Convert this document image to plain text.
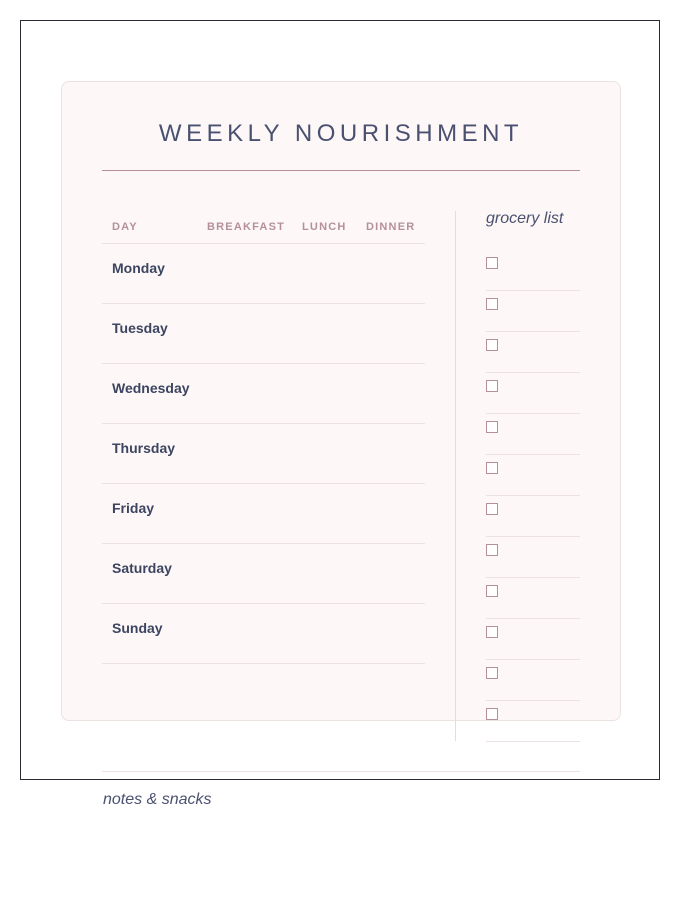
WEEKLY NOURISHMENT
DAY	BREAKFAST LUNCH DINNER
Monday
Tuesday
Wednesday
Thursday
Friday
Saturday
Sunday
grocery list
notes & snacks
